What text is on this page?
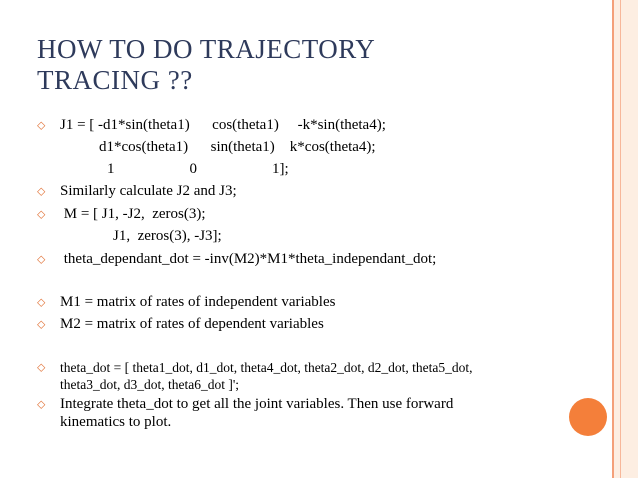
HOW TO DO TRAJECTORY
TRACING ??
⬦
⬦
⬦
⬦
⬦
⬦
⬦
⬦
J1 = [ -d1*sin(theta1)      cos(theta1)     -k*sin(theta4);
d1*cos(theta1)      sin(theta1)    k*cos(theta4);
1                    0                    1];
Similarly calculate J2 and J3;
M = [ J1, -J2,  zeros(3);
J1,  zeros(3), -J3];
theta_dependant_dot = -inv(M2)*M1*theta_independant_dot;
M1 = matrix of rates of independent variables
M2 = matrix of rates of dependent variables
theta_dot = [ theta1_dot, d1_dot, theta4_dot, theta2_dot, d2_dot, theta5_dot,
theta3_dot, d3_dot, theta6_dot ]';
Integrate theta_dot to get all the joint variables. Then use forward
kinematics to plot.
